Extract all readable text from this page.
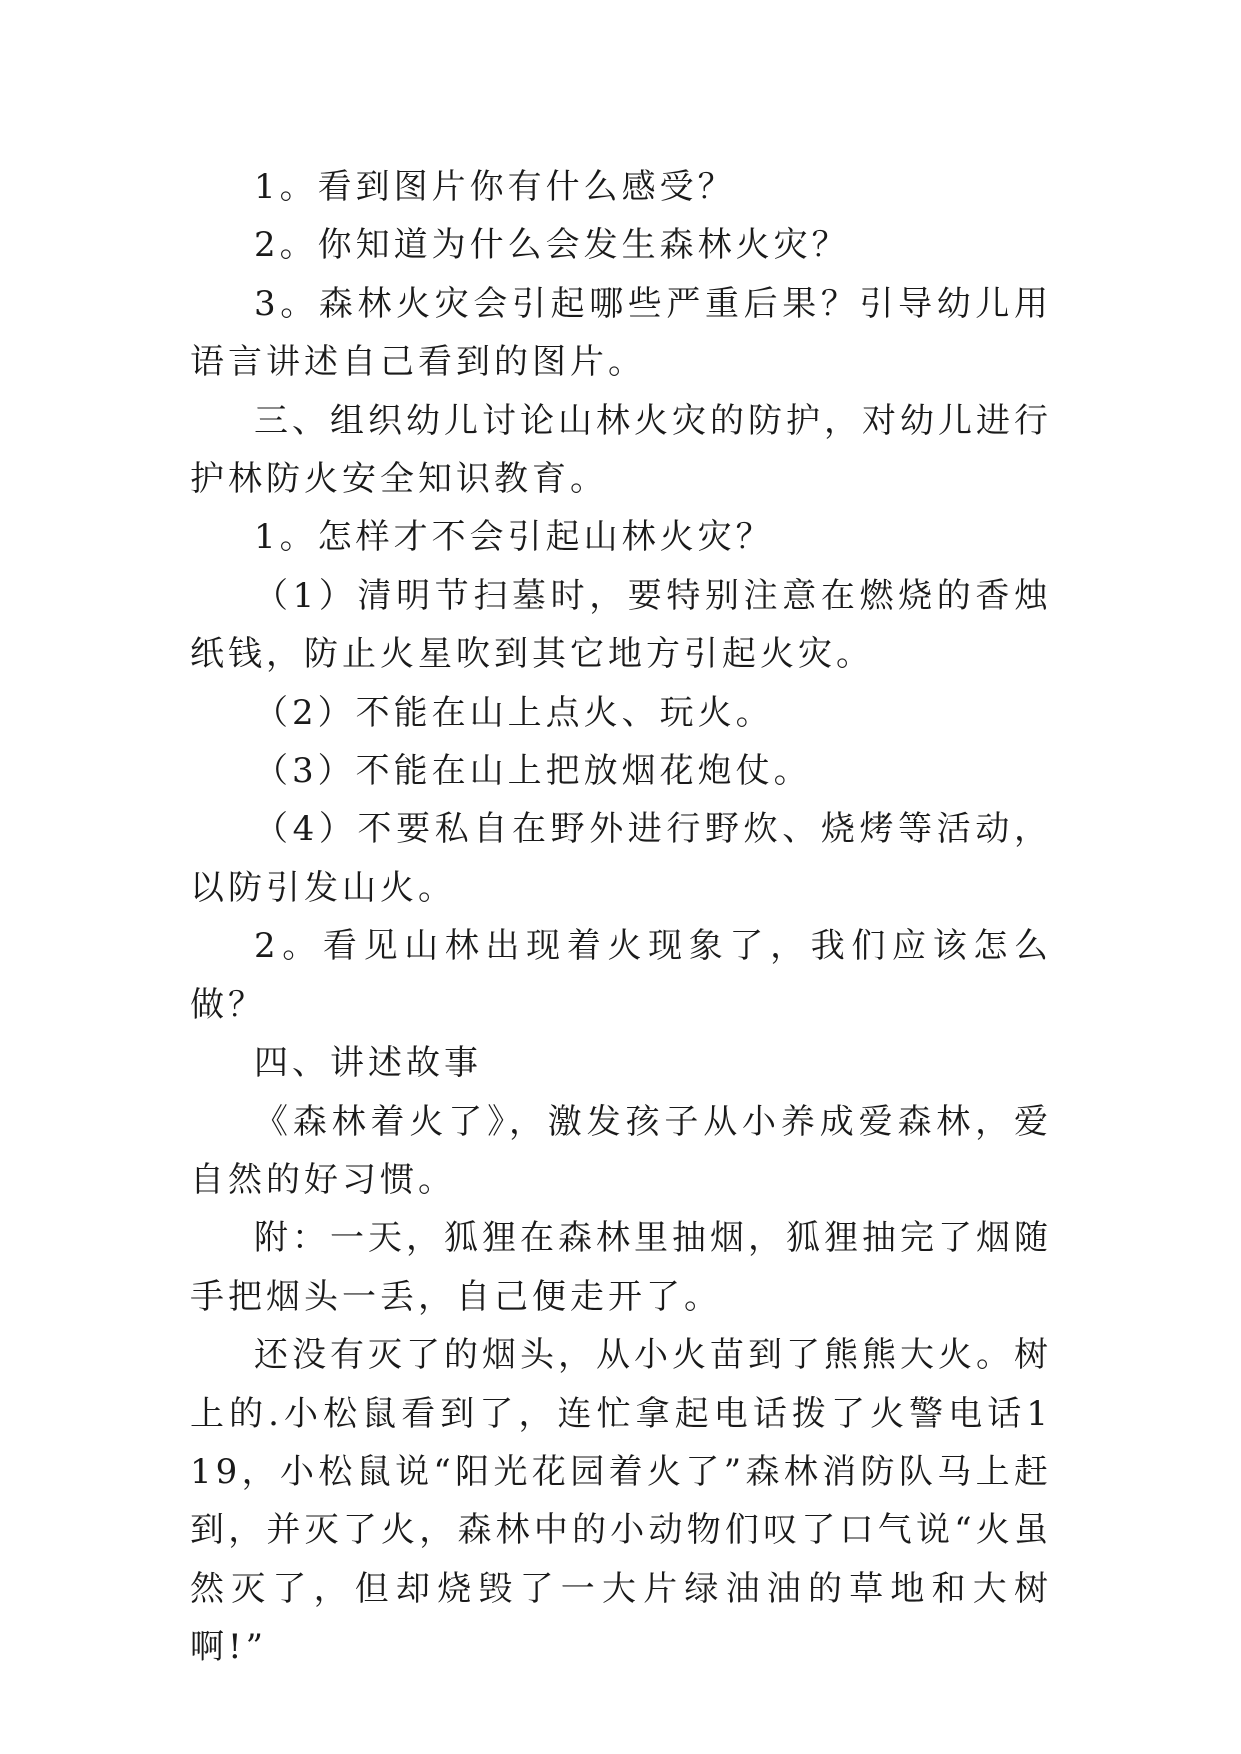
1。看到图片你有什么感受？

2。你知道为什么会发生森林火灾？

3。森林火灾会引起哪些严重后果？引导幼儿用语言讲述自己看到的图片。

三、组织幼儿讨论山林火灾的防护，对幼儿进行护林防火安全知识教育。

1。怎样才不会引起山林火灾？

（1）清明节扫墓时，要特别注意在燃烧的香烛纸钱，防止火星吹到其它地方引起火灾。

（2）不能在山上点火、玩火。

（3）不能在山上把放烟花炮仗。

（4）不要私自在野外进行野炊、烧烤等活动，以防引发山火。

2。看见山林出现着火现象了，我们应该怎么做？

四、讲述故事

《森林着火了》，激发孩子从小养成爱森林，爱自然的好习惯。

附：一天，狐狸在森林里抽烟，狐狸抽完了烟随手把烟头一丢，自己便走开了。

还没有灭了的烟头，从小火苗到了熊熊大火。树上的.小松鼠看到了，连忙拿起电话拨了火警电话119，小松鼠说“阳光花园着火了”森林消防队马上赶到，并灭了火，森林中的小动物们叹了口气说“火虽然灭了，但却烧毁了一大片绿油油的草地和大树啊!”
